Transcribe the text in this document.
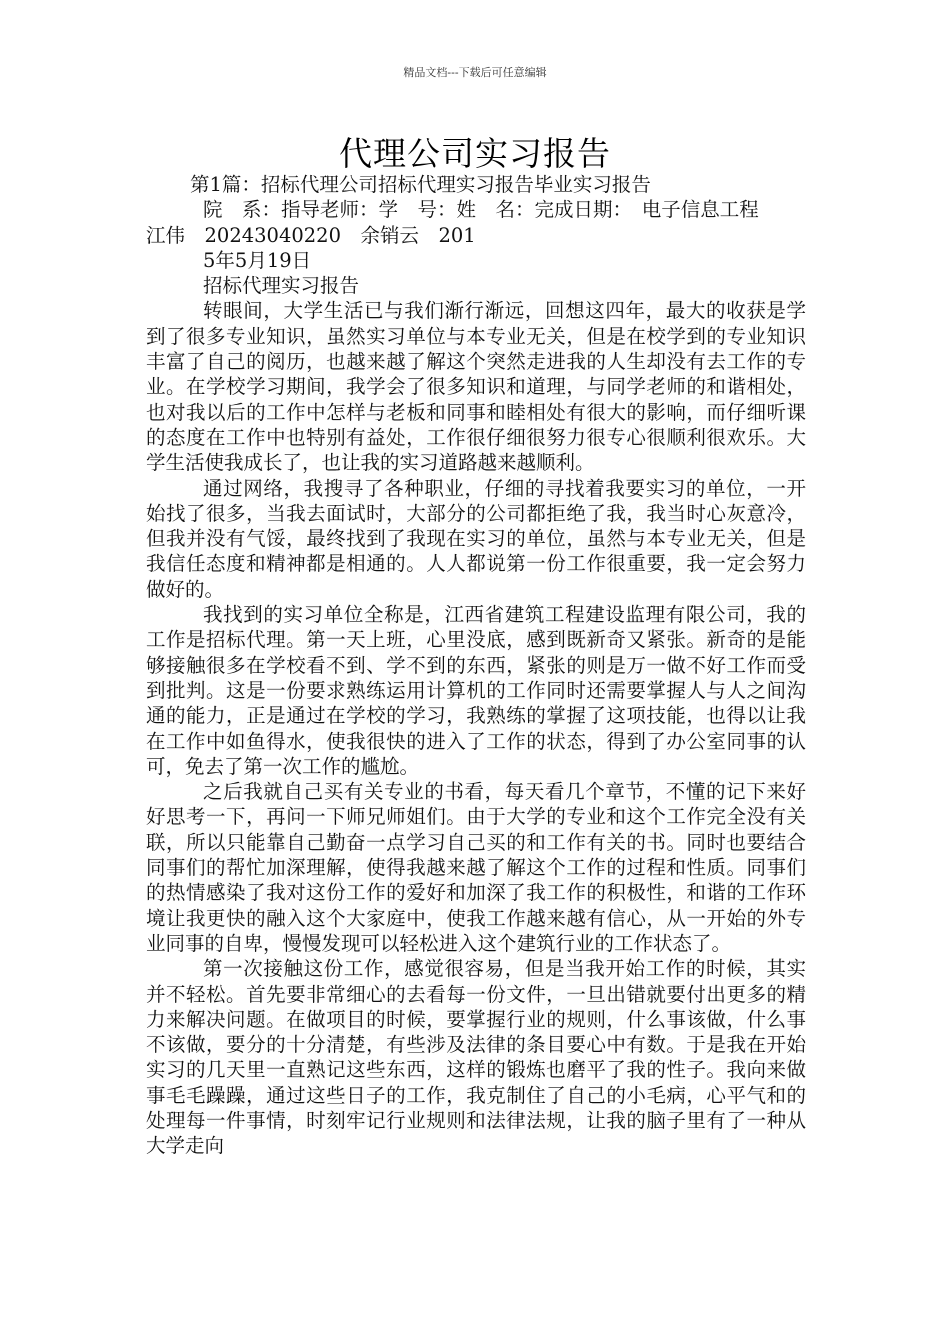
精品文档---下载后可任意编辑
代理公司实习报告

第1篇：招标代理公司招标代理实习报告毕业实习报告

院　系：指导老师：学　号：姓　名：完成日期：　电子信息工程

江伟　20243040220　余销云　201

5年5月19日

招标代理实习报告

转眼间，大学生活已与我们渐行渐远，回想这四年，最大的收获是学到了很多专业知识，虽然实习单位与本专业无关，但是在校学到的专业知识丰富了自己的阅历，也越来越了解这个突然走进我的人生却没有去工作的专业。在学校学习期间，我学会了很多知识和道理，与同学老师的和谐相处，也对我以后的工作中怎样与老板和同事和睦相处有很大的影响，而仔细听课的态度在工作中也特别有益处，工作很仔细很努力很专心很顺利很欢乐。大学生活使我成长了，也让我的实习道路越来越顺利。

通过网络，我搜寻了各种职业，仔细的寻找着我要实习的单位，一开始找了很多，当我去面试时，大部分的公司都拒绝了我，我当时心灰意冷，但我并没有气馁，最终找到了我现在实习的单位，虽然与本专业无关，但是我信任态度和精神都是相通的。人人都说第一份工作很重要，我一定会努力做好的。

我找到的实习单位全称是，江西省建筑工程建设监理有限公司，我的工作是招标代理。第一天上班，心里没底，感到既新奇又紧张。新奇的是能够接触很多在学校看不到、学不到的东西，紧张的则是万一做不好工作而受到批判。这是一份要求熟练运用计算机的工作同时还需要掌握人与人之间沟通的能力，正是通过在学校的学习，我熟练的掌握了这项技能，也得以让我在工作中如鱼得水，使我很快的进入了工作的状态，得到了办公室同事的认可，免去了第一次工作的尴尬。

之后我就自己买有关专业的书看，每天看几个章节，不懂的记下来好好思考一下，再问一下师兄师姐们。由于大学的专业和这个工作完全没有关联，所以只能靠自己勤奋一点学习自己买的和工作有关的书。同时也要结合同事们的帮忙加深理解，使得我越来越了解这个工作的过程和性质。同事们的热情感染了我对这份工作的爱好和加深了我工作的积极性，和谐的工作环境让我更快的融入这个大家庭中，使我工作越来越有信心，从一开始的外专业同事的自卑，慢慢发现可以轻松进入这个建筑行业的工作状态了。

第一次接触这份工作，感觉很容易，但是当我开始工作的时候，其实并不轻松。首先要非常细心的去看每一份文件，一旦出错就要付出更多的精力来解决问题。在做项目的时候，要掌握行业的规则，什么事该做，什么事不该做，要分的十分清楚，有些涉及法律的条目要心中有数。于是我在开始实习的几天里一直熟记这些东西，这样的锻炼也磨平了我的性子。我向来做事毛毛躁躁，通过这些日子的工作，我克制住了自己的小毛病，心平气和的处理每一件事情，时刻牢记行业规则和法律法规，让我的脑子里有了一种从大学走向
